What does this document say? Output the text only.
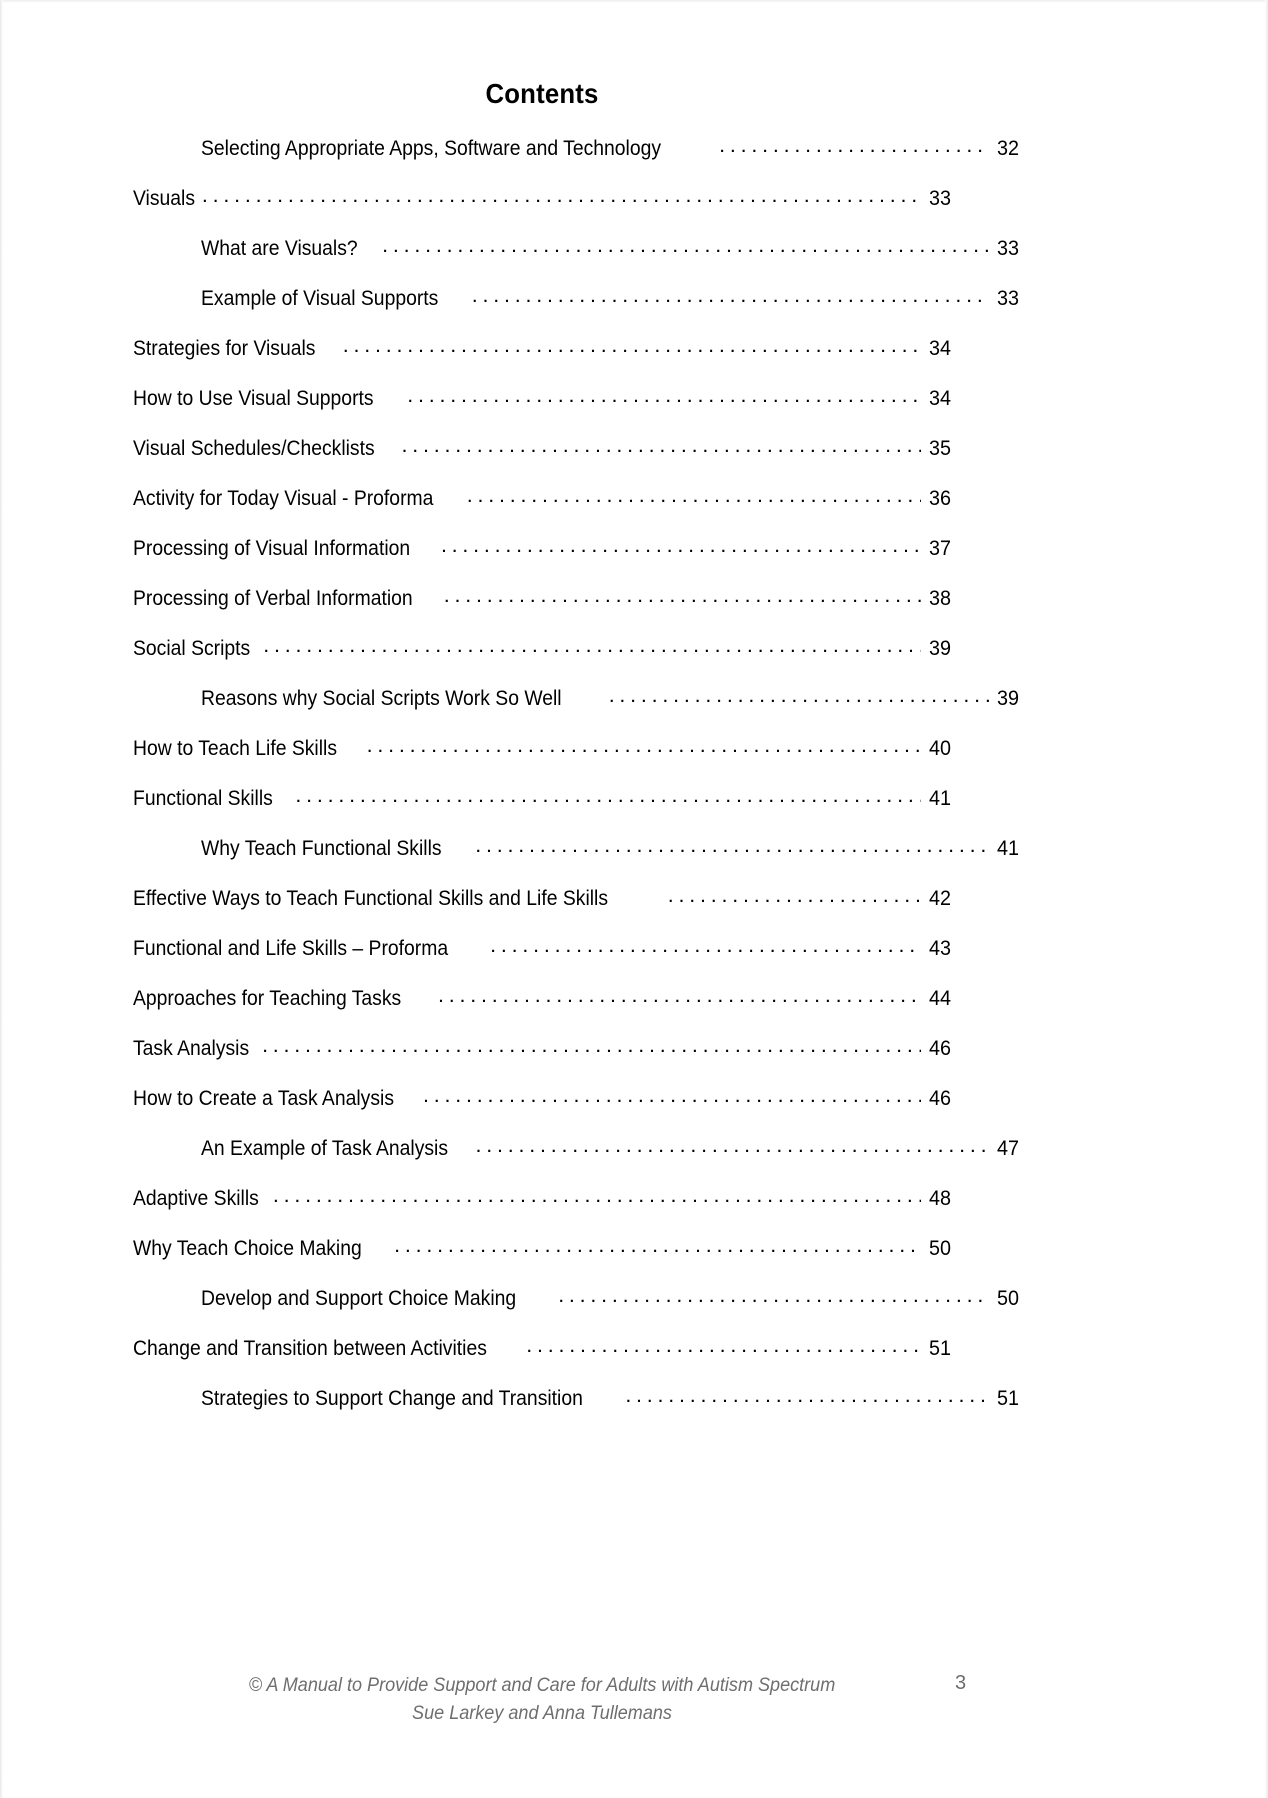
Contents
Selecting Appropriate Apps, Software and Technology . . .	32
Visuals . . .	33
What are Visuals? . . .	33
Example of Visual Supports . . .	33
Strategies for Visuals . . .	34
How to Use Visual Supports . . .	34
Visual Schedules/Checklists . . .	35
Activity for Today Visual - Proforma . . .	36
Processing of Visual Information . . .	37
Processing of Verbal Information . . .	38
Social Scripts . . .	39
Reasons why Social Scripts Work So Well . . .	39
How to Teach Life Skills . . .	40
Functional Skills . . .	41
Why Teach Functional Skills . . .	41
Effective Ways to Teach Functional Skills and Life Skills . . .	42
Functional and Life Skills – Proforma . . .	43
Approaches for Teaching Tasks . . .	44
Task Analysis . . .	46
How to Create a Task Analysis . . .	46
An Example of Task Analysis . . .	47
Adaptive Skills . . .	48
Why Teach Choice Making . . .	50
Develop and Support Choice Making . . .	50
Change and Transition between Activities . . .	51
Strategies to Support Change and Transition . . .	51
© A Manual to Provide Support and Care for Adults with Autism Spectrum
Sue Larkey and Anna Tullemans
3
